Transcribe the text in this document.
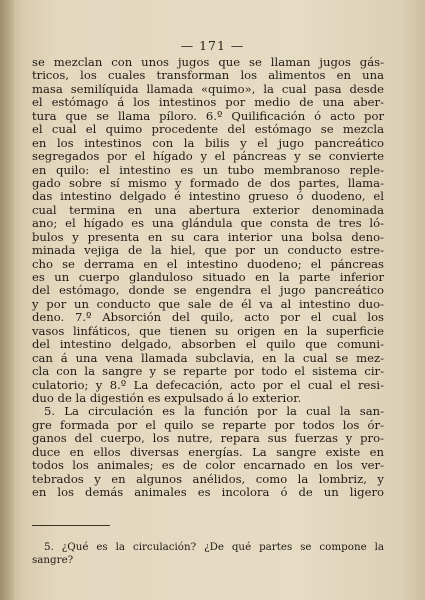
— 171 —
se mezclan con unos jugos que se llaman jugos gás-
tricos, los cuales transforman los alimentos en una
masa semilíquida llamada «quimo», la cual pasa desde
el estómago á los intestinos por medio de una aber-
tura que se llama píloro. 6.º Quilificación ó acto por
el cual el quimo procedente del estómago se mezcla
en los intestinos con la bilis y el jugo pancreático
segregados por el hígado y el páncreas y se convierte
en quilo: el intestino es un tubo membranoso reple-
gado sobre sí mismo y formado de dos partes, llama-
das intestino delgado é intestino grueso ó duodeno, el
cual termina en una abertura exterior denominada
ano; el hígado es una glándula que consta de tres ló-
bulos y presenta en su cara interior una bolsa deno-
minada vejiga de la hiel, que por un conducto estre-
cho se derrama en el intestino duodeno; el páncreas
es un cuerpo glanduloso situado en la parte inferior
del estómago, donde se engendra el jugo pancreático
y por un conducto que sale de él va al intestino duo-
deno. 7.º Absorción del quilo, acto por el cual los
vasos linfáticos, que tienen su origen en la superficie
del intestino delgado, absorben el quilo que comuni-
can á una vena llamada subclavia, en la cual se mez-
cla con la sangre y se reparte por todo el sistema cir-
culatorio; y 8.º La defecación, acto por el cual el resi-
duo de la digestión es expulsado á lo exterior.
5. La circulación es la función por la cual la san-
gre formada por el quilo se reparte por todos los ór-
ganos del cuerpo, los nutre, repara sus fuerzas y pro-
duce en ellos diversas energías. La sangre existe en
todos los animales; es de color encarnado en los ver-
tebrados y en algunos anélidos, como la lombriz, y
en los demás animales es incolora ó de un ligero
5. ¿Qué es la circulación? ¿De qué partes se compone la
sangre?
